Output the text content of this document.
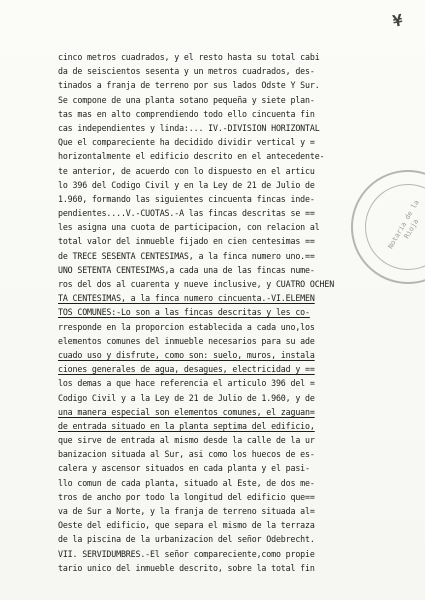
¥
cinco metros cuadrados, y el resto hasta su total cabi
da de seiscientos sesenta y un metros cuadrados, des-
tinados a franja de terreno por sus lados Odste Y Sur.
Se compone de una planta sotano pequeña y siete plan-
tas mas en alto comprendiendo todo ello cincuenta fin
cas independientes y linda:... IV.-DIVISION HORIZONTAL
Que el compareciente ha decidido dividir vertical y =
horizontalmente el edificio descrito en el antecedente-
te anterior, de acuerdo con lo dispuesto en el articu
lo 396 del Codigo Civil y en la Ley de 21 de Julio de
1.960, formando las siguientes cincuenta fincas inde-
pendientes....V.-CUOTAS.-A las fincas descritas se ==
les asigna una cuota de participacion, con relacion al
total valor del inmueble fijado en cien centesimas ==
de TRECE SESENTA CENTESIMAS, a la finca numero uno.==
UNO SETENTA CENTESIMAS,a cada una de las fincas nume-
ros del dos al cuarenta y nueve inclusive, y CUATRO OCHEN
TA CENTESIMAS, a la finca numero cincuenta.-VI.ELEMEN
TOS COMUNES:-Lo son a las fincas descritas y les co-
rresponde en la proporcion establecida a cada uno,los
elementos comunes del inmueble necesarios para su ade
cuado uso y disfrute, como son: suelo, muros, instala
ciones generales de agua, desagues, electricidad y ==
los demas a que hace referencia el articulo 396 del =
Codigo Civil y a la Ley de 21 de Julio de 1.960, y de
una manera especial son elementos comunes, el zaguan=
de entrada situado en la planta septima del edificio,
que sirve de entrada al mismo desde la calle de la ur
banizacion situada al Sur, asi como los huecos de es-
calera y ascensor situados en cada planta y el pasi-
llo comun de cada planta, situado al Este, de dos me-
tros de ancho por todo la longitud del edificio que==
va de Sur a Norte, y la franja de terreno situada al=
Oeste del edificio, que separa el mismo de la terraza
de la piscina de la urbanizacion del señor Odebrecht.
VII. SERVIDUMBRES.-El señor compareciente,como propie
tario unico del inmueble descrito, sobre la total fin
Notaria de la Rioja
